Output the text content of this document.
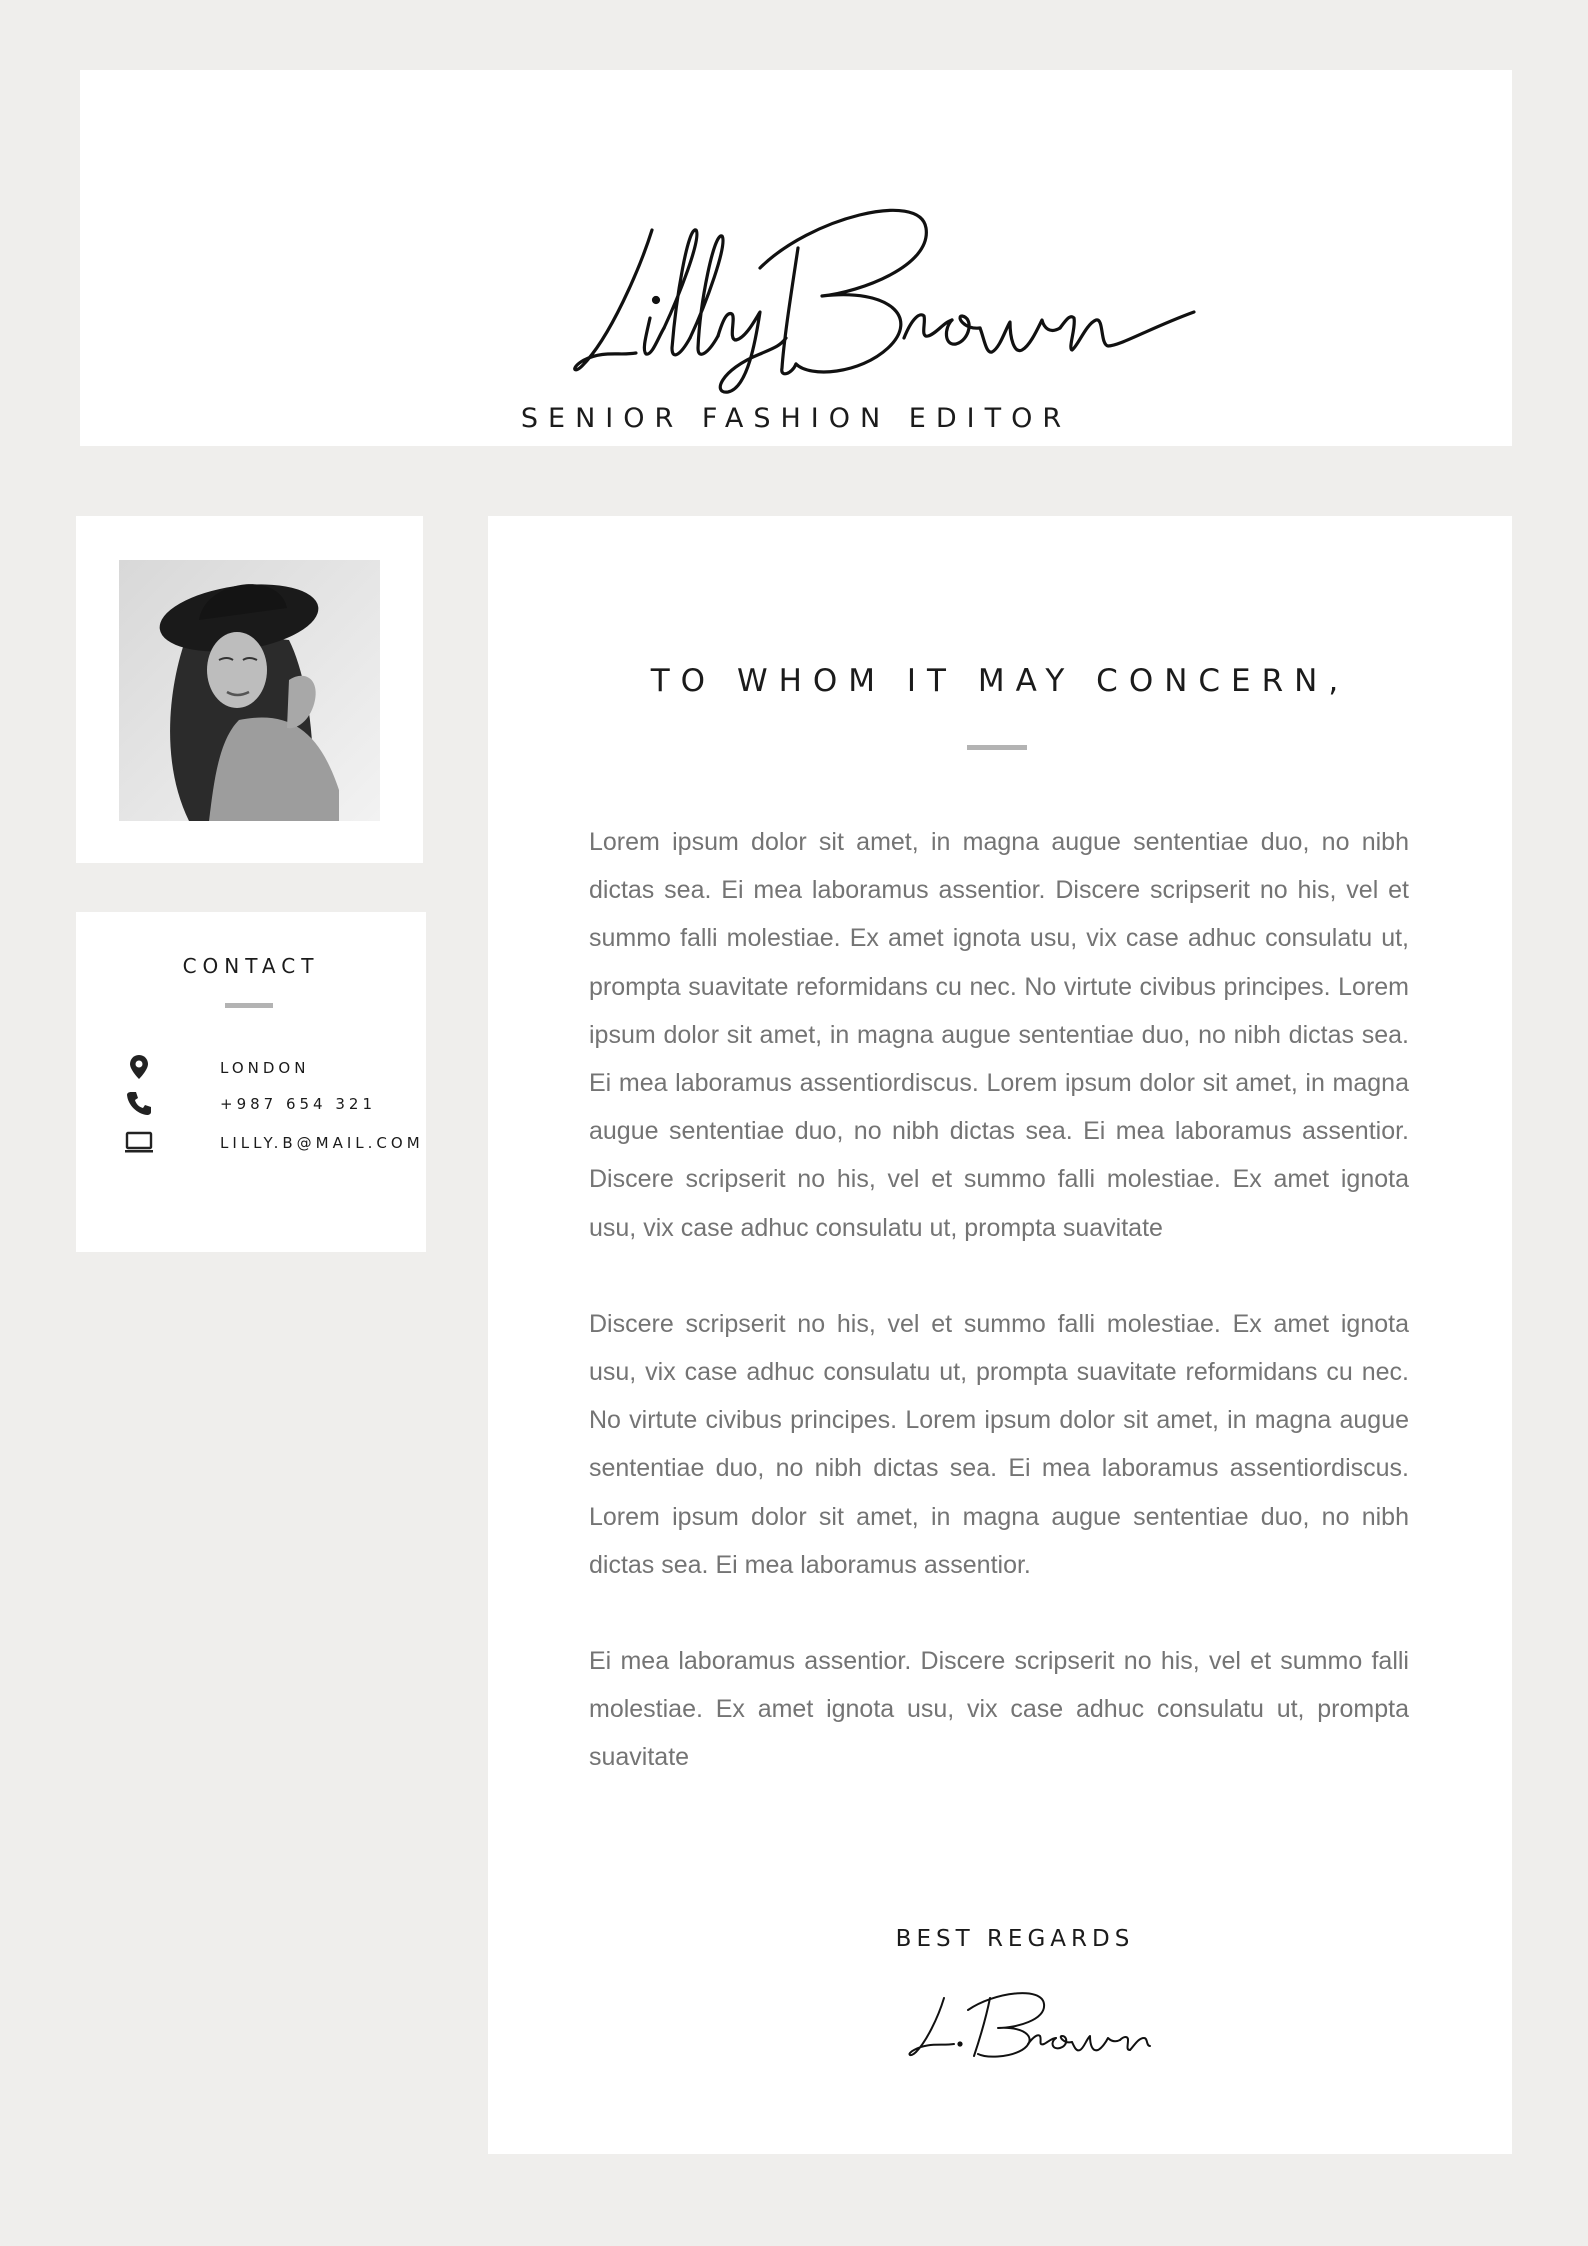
SENIOR FASHION EDITOR
CONTACT
LONDON
+987 654 321
LILLY.B@MAIL.COM
TO WHOM IT MAY CONCERN,

Lorem ipsum dolor sit amet, in magna augue sententiae duo, no nibh dictas sea. Ei mea laboramus assentior. Discere scripserit no his, vel et summo falli molestiae. Ex amet ignota usu, vix case adhuc consulatu ut, prompta suavitate reformidans cu nec. No virtute civibus principes. Lorem ipsum dolor sit amet, in magna augue sententiae duo, no nibh dictas sea. Ei mea laboramus assentiordiscus. Lorem ipsum dolor sit amet, in magna augue sententiae duo, no nibh dictas sea. Ei mea laboramus assentior. Discere scripserit no his, vel et summo falli molestiae. Ex amet ignota usu, vix case adhuc consulatu ut, prompta suavitate

Discere scripserit no his, vel et summo falli molestiae. Ex amet ignota usu, vix case adhuc consulatu ut, prompta suavitate reformidans cu nec. No virtute civibus principes. Lorem ipsum dolor sit amet, in magna augue sententiae duo, no nibh dictas sea. Ei mea laboramus assentiordiscus. Lorem ipsum dolor sit amet, in magna augue sententiae duo, no nibh dictas sea. Ei mea laboramus assentior.

Ei mea laboramus assentior. Discere scripserit no his, vel et summo falli molestiae. Ex amet ignota usu, vix case adhuc consulatu ut, prompta suavitate

BEST REGARDS
